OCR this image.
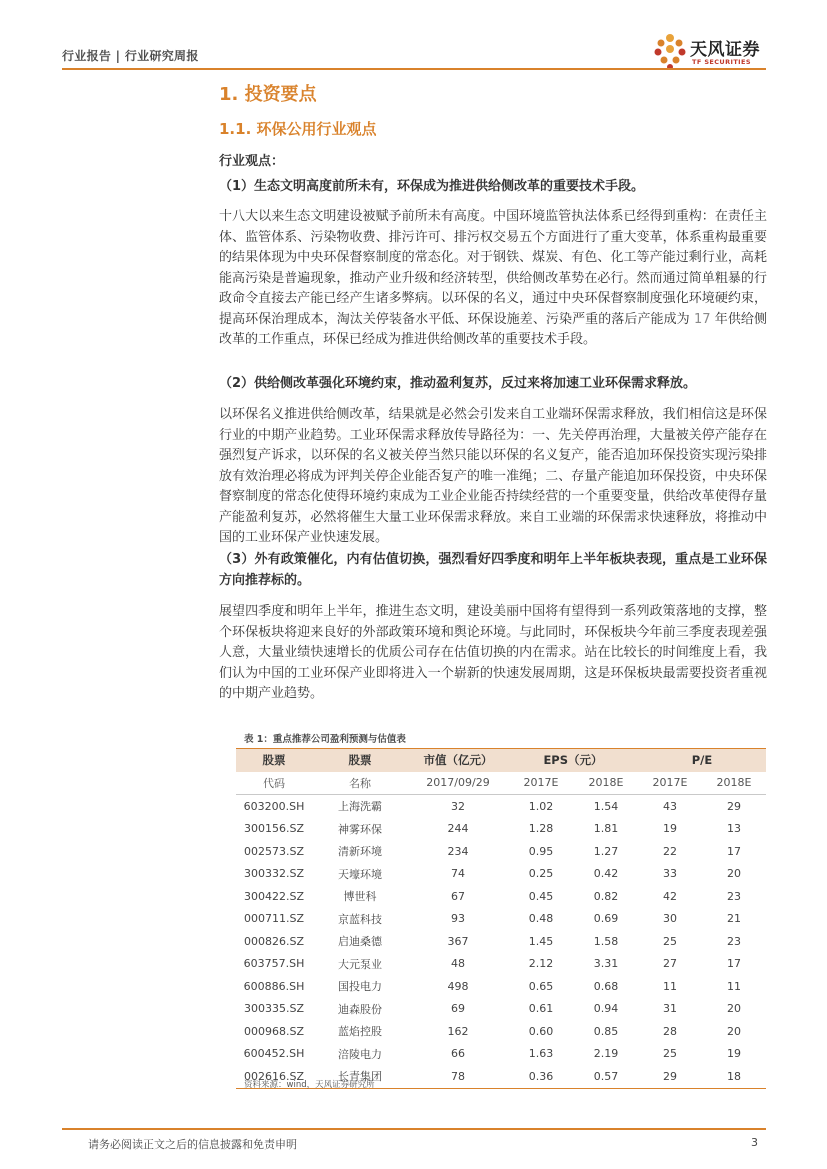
行业报告 | 行业研究周报	天风证券
TF SECURITIES
1. 投资要点
1.1. 环保公用行业观点
行业观点：

（1）生态文明高度前所未有，环保成为推进供给侧改革的重要技术手段。

十八大以来生态文明建设被赋予前所未有高度。中国环境监管执法体系已经得到重构：在责任主体、监管体系、污染物收费、排污许可、排污权交易五个方面进行了重大变革，体系重构最重要的结果体现为中央环保督察制度的常态化。对于钢铁、煤炭、有色、化工等产能过剩行业，高耗能高污染是普遍现象，推动产业升级和经济转型，供给侧改革势在必行。然而通过简单粗暴的行政命令直接去产能已经产生诸多弊病。以环保的名义，通过中央环保督察制度强化环境硬约束，提高环保治理成本，淘汰关停装备水平低、环保设施差、污染严重的落后产能成为 17 年供给侧改革的工作重点，环保已经成为推进供给侧改革的重要技术手段。

（2）供给侧改革强化环境约束，推动盈利复苏，反过来将加速工业环保需求释放。

以环保名义推进供给侧改革，结果就是必然会引发来自工业端环保需求释放，我们相信这是环保行业的中期产业趋势。工业环保需求释放传导路径为：一、先关停再治理，大量被关停产能存在强烈复产诉求，以环保的名义被关停当然只能以环保的名义复产，能否追加环保投资实现污染排放有效治理必将成为评判关停企业能否复产的唯一准绳；二、存量产能追加环保投资，中央环保督察制度的常态化使得环境约束成为工业企业能否持续经营的一个重要变量，供给改革使得存量产能盈利复苏，必然将催生大量工业环保需求释放。来自工业端的环保需求快速释放，将推动中国的工业环保产业快速发展。

（3）外有政策催化，内有估值切换，强烈看好四季度和明年上半年板块表现，重点是工业环保方向推荐标的。

展望四季度和明年上半年，推进生态文明，建设美丽中国将有望得到一系列政策落地的支撑，整个环保板块将迎来良好的外部政策环境和舆论环境。与此同时，环保板块今年前三季度表现差强人意，大量业绩快速增长的优质公司存在估值切换的内在需求。站在比较长的时间维度上看，我们认为中国的工业环保产业即将进入一个崭新的快速发展周期，这是环保板块最需要投资者重视的中期产业趋势。

表 1：重点推荐公司盈利预测与估值表
股票	股票	市值（亿元）	EPS（元）		P/E	
代码	名称	2017/09/29	2017E	2018E	2017E	2018E
603200.SH	上海洗霸	32	1.02	1.54	43	29
300156.SZ	神雾环保	244	1.28	1.81	19	13
002573.SZ	清新环境	234	0.95	1.27	22	17
300332.SZ	天壕环境	74	0.25	0.42	33	20
300422.SZ	博世科	67	0.45	0.82	42	23
000711.SZ	京蓝科技	93	0.48	0.69	30	21
000826.SZ	启迪桑德	367	1.45	1.58	25	23
603757.SH	大元泵业	48	2.12	3.31	27	17
600886.SH	国投电力	498	0.65	0.68	11	11
300335.SZ	迪森股份	69	0.61	0.94	31	20
000968.SZ	蓝焰控股	162	0.60	0.85	28	20
600452.SH	涪陵电力	66	1.63	2.19	25	19
002616.SZ	长青集团	78	0.36	0.57	29	18
资料来源：wind，天风证券研究所
请务必阅读正文之后的信息披露和免责申明	3
